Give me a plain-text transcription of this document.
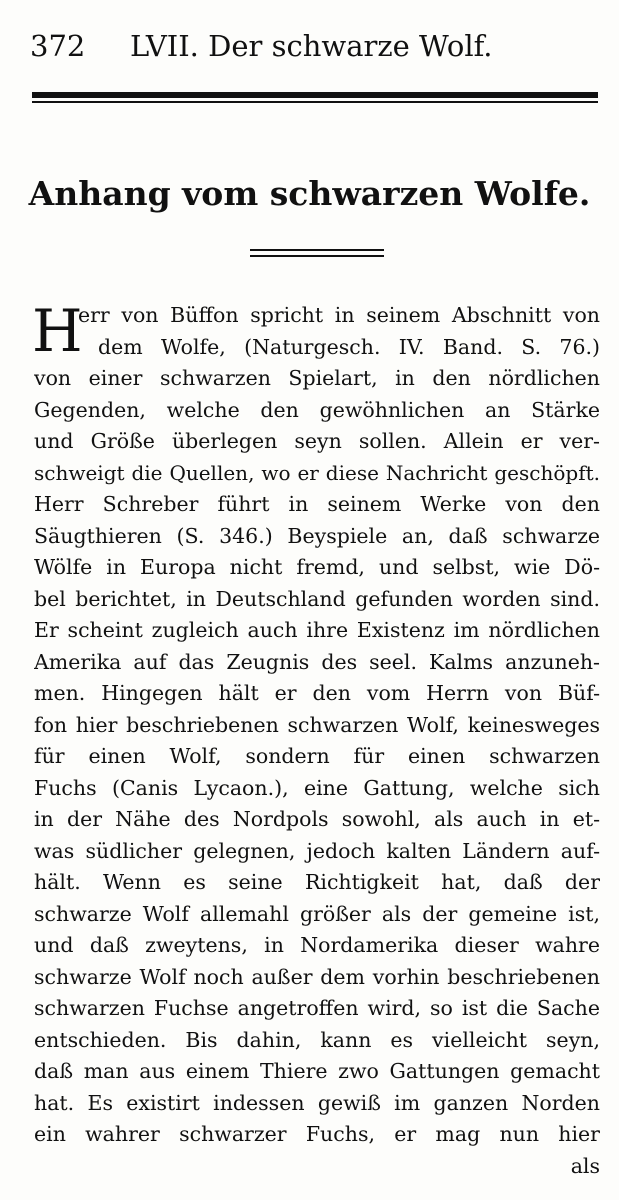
372 LVII. Der schwarze Wolf.
Anhang vom schwarzen Wolfe.
H
err von Büffon spricht in seinem Abschnitt von
dem Wolfe, (Naturgesch. IV. Band. S. 76.)
von einer schwarzen Spielart, in den nördlichen
Gegenden, welche den gewöhnlichen an Stärke
und Größe überlegen seyn sollen. Allein er ver-
schweigt die Quellen, wo er diese Nachricht geschöpft.
Herr Schreber führt in seinem Werke von den
Säugthieren (S. 346.) Beyspiele an, daß schwarze
Wölfe in Europa nicht fremd, und selbst, wie Dö-
bel berichtet, in Deutschland gefunden worden sind.
Er scheint zugleich auch ihre Existenz im nördlichen
Amerika auf das Zeugnis des seel. Kalms anzuneh-
men. Hingegen hält er den vom Herrn von Büf-
fon hier beschriebenen schwarzen Wolf, keinesweges
für einen Wolf, sondern für einen schwarzen
Fuchs (Canis Lycaon.), eine Gattung, welche sich
in der Nähe des Nordpols sowohl, als auch in et-
was südlicher gelegnen, jedoch kalten Ländern auf-
hält. Wenn es seine Richtigkeit hat, daß der
schwarze Wolf allemahl größer als der gemeine ist,
und daß zweytens, in Nordamerika dieser wahre
schwarze Wolf noch außer dem vorhin beschriebenen
schwarzen Fuchse angetroffen wird, so ist die Sache
entschieden. Bis dahin, kann es vielleicht seyn,
daß man aus einem Thiere zwo Gattungen gemacht
hat. Es existirt indessen gewiß im ganzen Norden
ein wahrer schwarzer Fuchs, er mag nun hier
als
